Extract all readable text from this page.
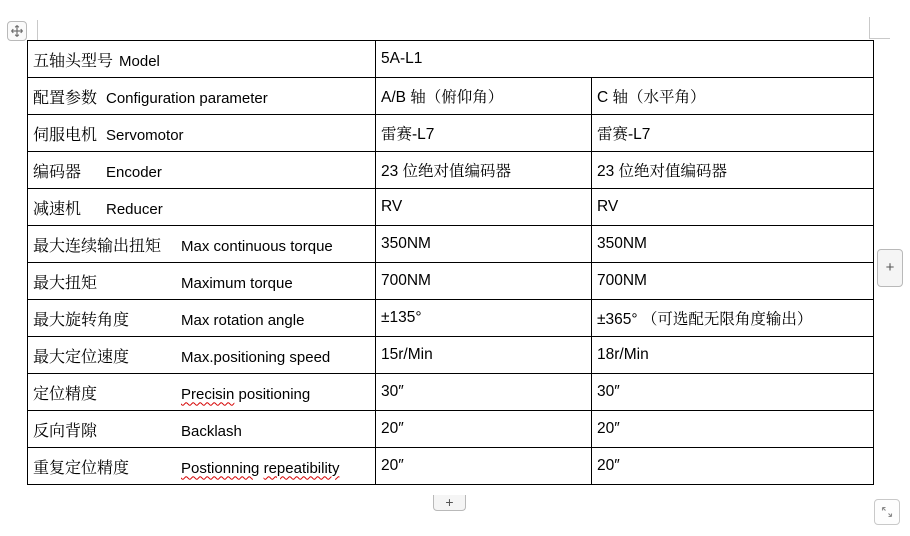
五轴头型号 Model	5A-L1	
配置参数 Configuration parameter	A/B 轴（俯仰角）	C 轴（水平角）
伺服电机 Servomotor	雷赛-L7	雷赛-L7
编码器 Encoder	23 位绝对值编码器	23 位绝对值编码器
减速机 Reducer	RV	RV
最大连续输出扭矩 Max continuous torque	350NM	350NM
最大扭矩 Maximum torque	700NM	700NM
最大旋转角度 Max rotation angle	±135°	±365° （可选配无限角度输出）
最大定位速度 Max.positioning speed	15r/Min	18r/Min
定位精度 Precisin positioning	30″	30″
反向背隙 Backlash	20″	20″
重复定位精度 Postionning repeatibility	20″	20″
+
+
